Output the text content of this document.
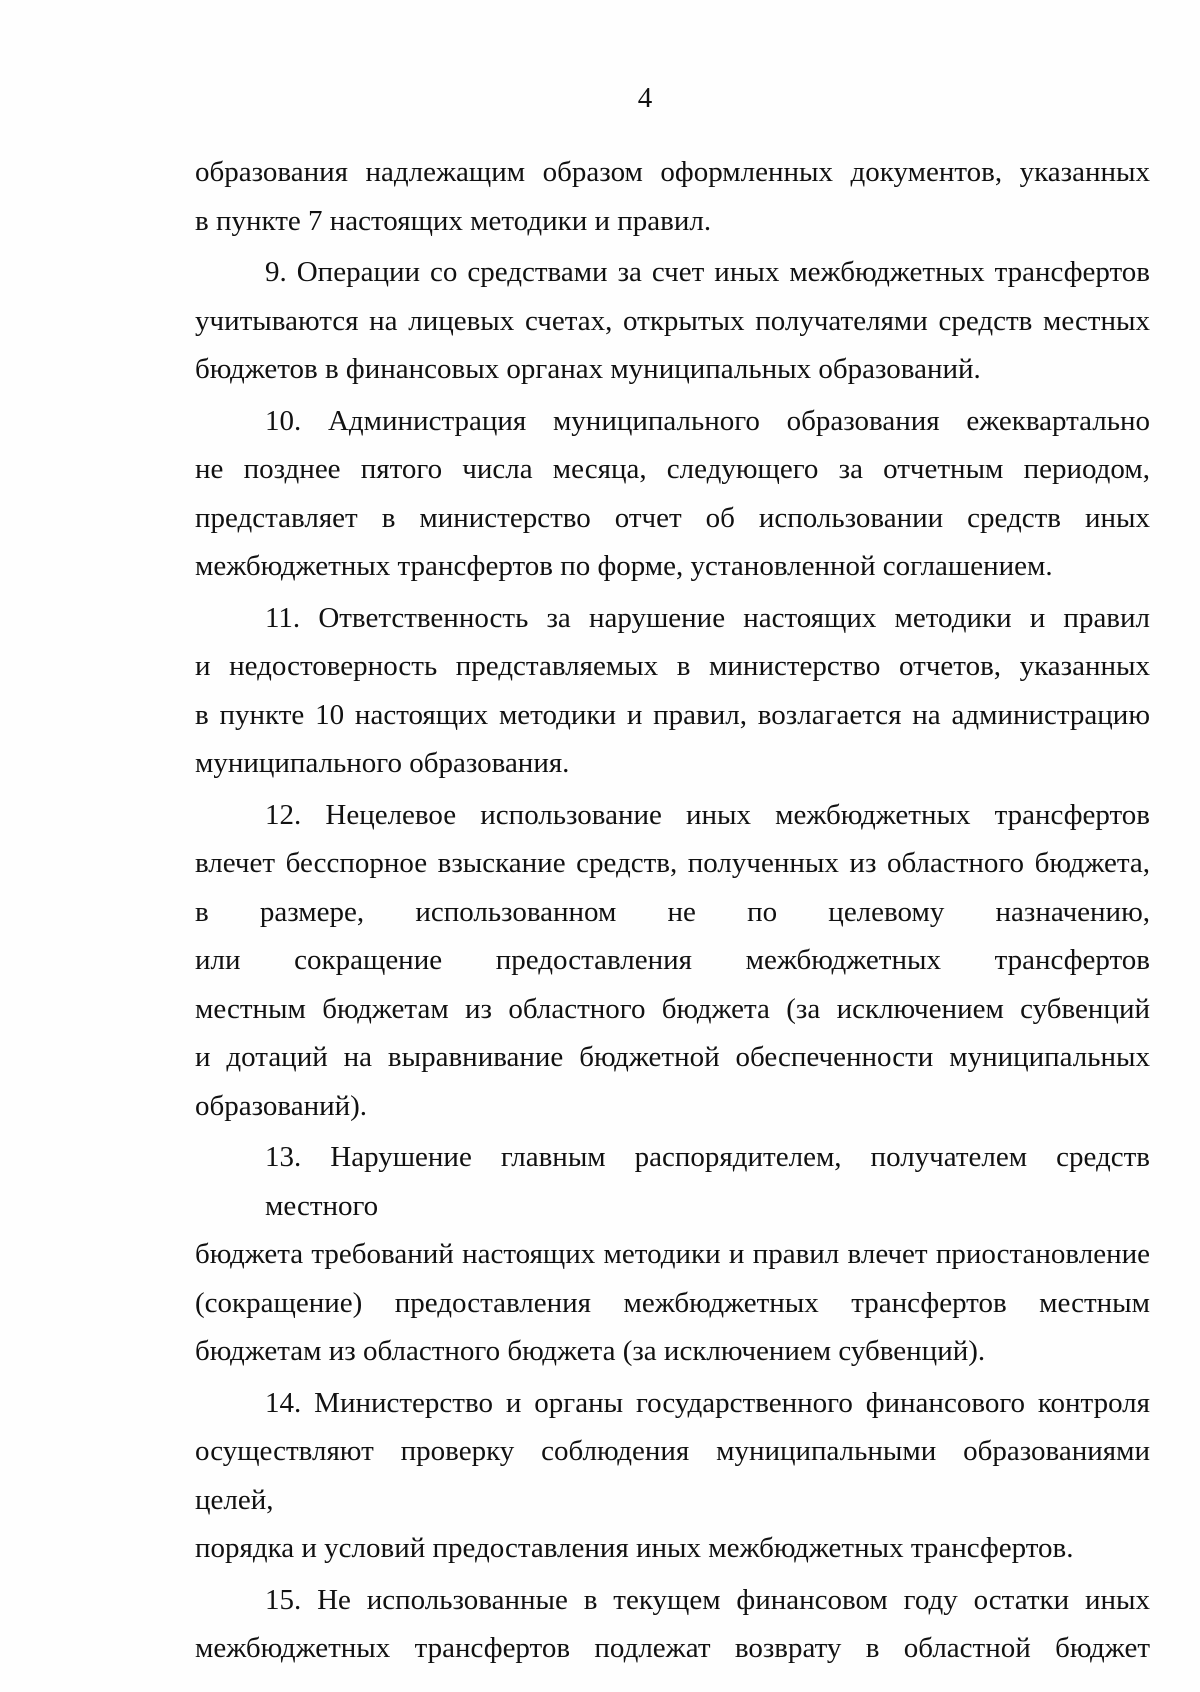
4

образования надлежащим образом оформленных документов, указанных
в пункте 7 настоящих методики и правил.

9. Операции со средствами за счет иных межбюджетных трансфертов
учитываются на лицевых счетах, открытых получателями средств местных
бюджетов в финансовых органах муниципальных образований.

10. Администрация муниципального образования ежеквартально
не позднее пятого числа месяца, следующего за отчетным периодом,
представляет в министерство отчет об использовании средств иных
межбюджетных трансфертов по форме, установленной соглашением.

11. Ответственность за нарушение настоящих методики и правил
и недостоверность представляемых в министерство отчетов, указанных
в пункте 10 настоящих методики и правил, возлагается на администрацию
муниципального образования.

12. Нецелевое использование иных межбюджетных трансфертов
влечет бесспорное взыскание средств, полученных из областного бюджета,
в размере, использованном не по целевому назначению,
или сокращение предоставления межбюджетных трансфертов
местным бюджетам из областного бюджета (за исключением субвенций
и дотаций на выравнивание бюджетной обеспеченности муниципальных
образований).

13. Нарушение главным распорядителем, получателем средств местного
бюджета требований настоящих методики и правил влечет приостановление
(сокращение) предоставления межбюджетных трансфертов местным
бюджетам из областного бюджета (за исключением субвенций).

14. Министерство и органы государственного финансового контроля
осуществляют проверку соблюдения муниципальными образованиями целей,
порядка и условий предоставления иных межбюджетных трансфертов.

15. Не использованные в текущем финансовом году остатки иных
межбюджетных трансфертов подлежат возврату в областной бюджет
